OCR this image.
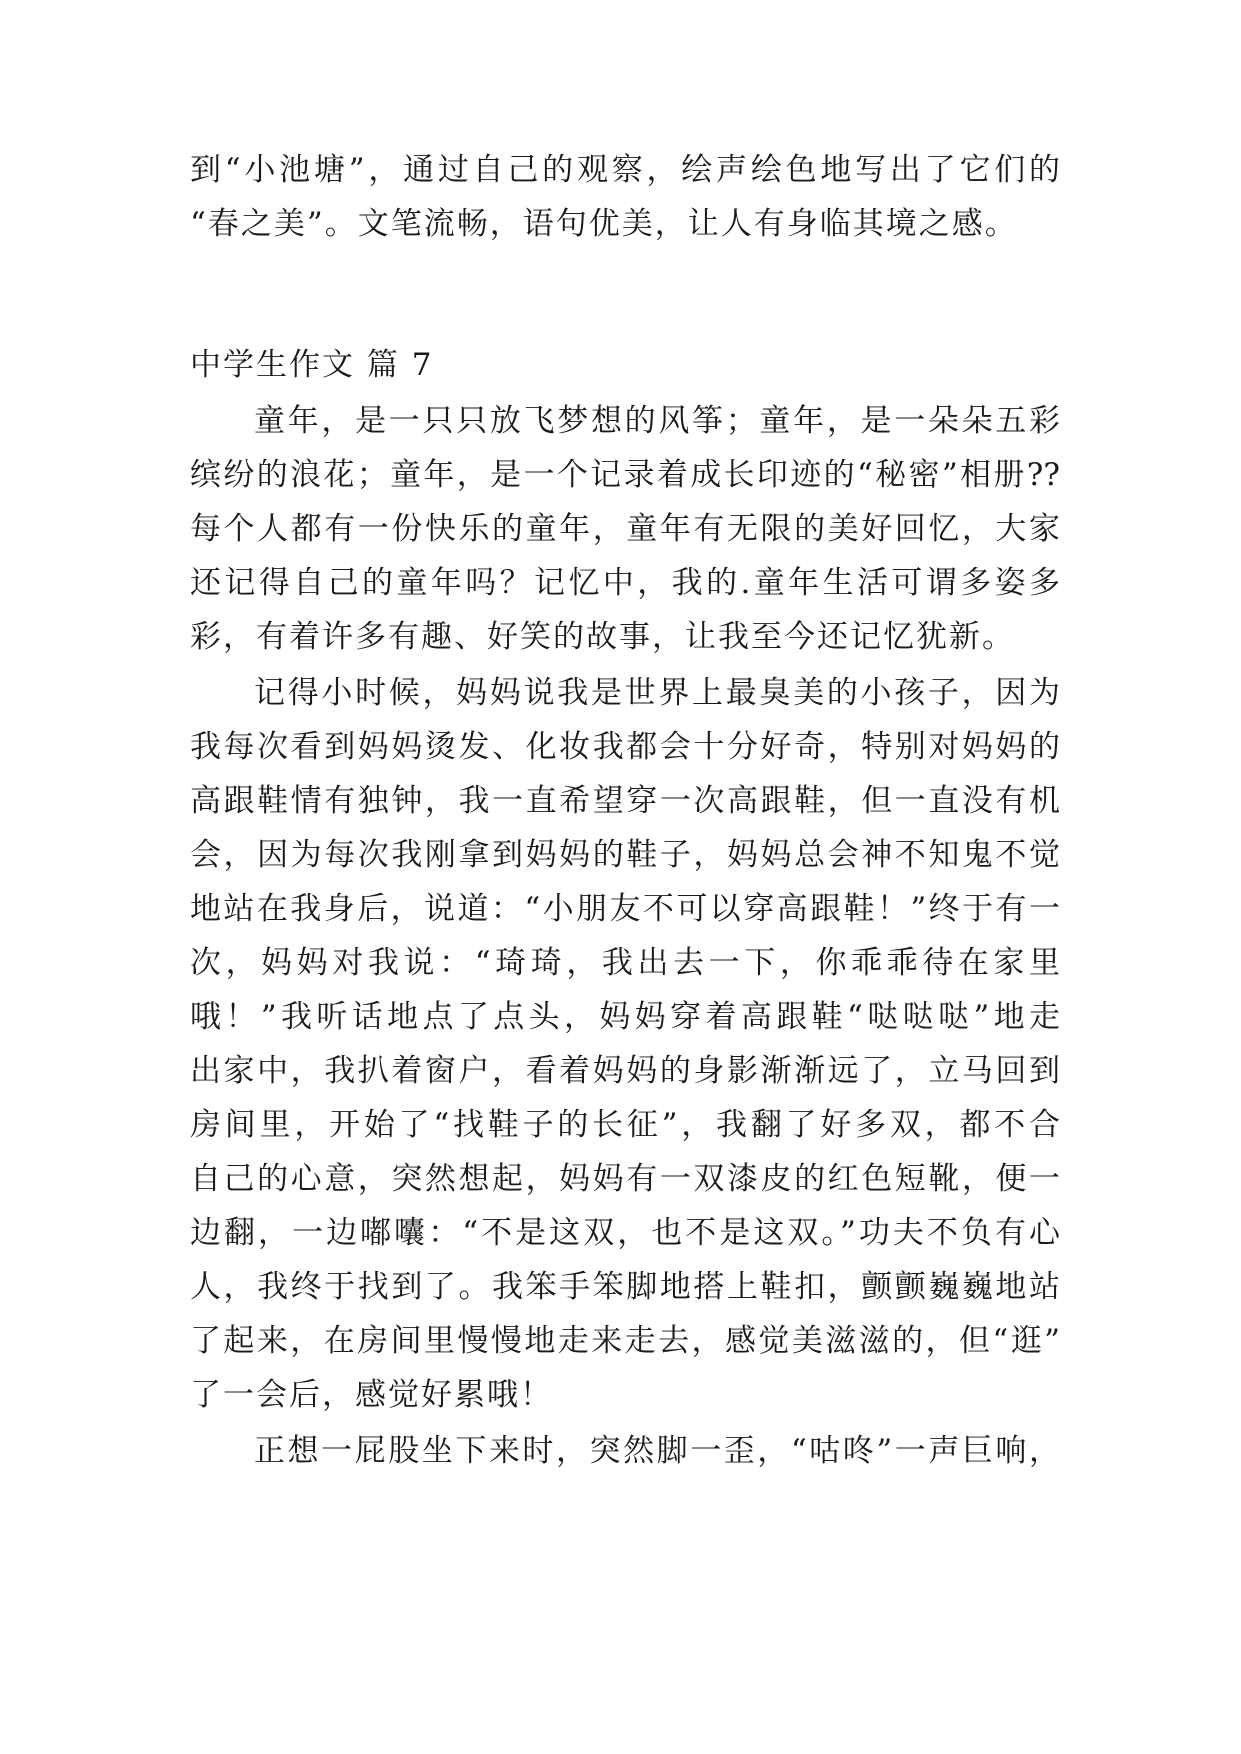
到“小池塘”，通过自己的观察，绘声绘色地写出了它们的
“春之美”。文笔流畅，语句优美，让人有身临其境之感。
中学生作文 篇 7
童年，是一只只放飞梦想的风筝；童年，是一朵朵五彩
缤纷的浪花；童年，是一个记录着成长印迹的“秘密”相册??
每个人都有一份快乐的童年，童年有无限的美好回忆，大家
还记得自己的童年吗？记忆中，我的.童年生活可谓多姿多
彩，有着许多有趣、好笑的故事，让我至今还记忆犹新。
记得小时候，妈妈说我是世界上最臭美的小孩子，因为
我每次看到妈妈烫发、化妆我都会十分好奇，特别对妈妈的
高跟鞋情有独钟，我一直希望穿一次高跟鞋，但一直没有机
会，因为每次我刚拿到妈妈的鞋子，妈妈总会神不知鬼不觉
地站在我身后，说道：“小朋友不可以穿高跟鞋！”终于有一
次，妈妈对我说：“琦琦，我出去一下，你乖乖待在家里
哦！”我听话地点了点头，妈妈穿着高跟鞋“哒哒哒”地走
出家中，我扒着窗户，看着妈妈的身影渐渐远了，立马回到
房间里，开始了“找鞋子的长征”，我翻了好多双，都不合
自己的心意，突然想起，妈妈有一双漆皮的红色短靴，便一
边翻，一边嘟囔：“不是这双，也不是这双。”功夫不负有心
人，我终于找到了。我笨手笨脚地搭上鞋扣，颤颤巍巍地站
了起来，在房间里慢慢地走来走去，感觉美滋滋的，但“逛”
了一会后，感觉好累哦！
正想一屁股坐下来时，突然脚一歪，“咕咚”一声巨响，
